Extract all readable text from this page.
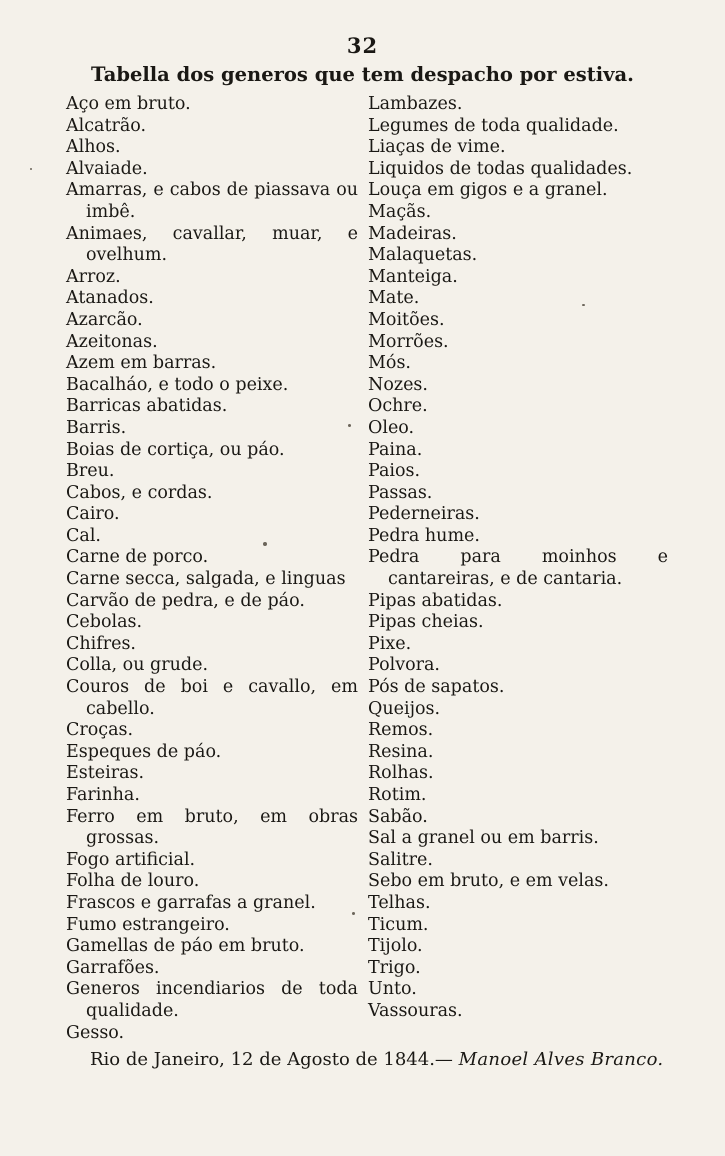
32
Tabella dos generos que tem despacho por estiva.
Aço em bruto.
Alcatrão.
Alhos.
Alvaiade.
Amarras, e cabos de piassava ou imbê.
Animaes, cavallar, muar, e ovelhum.
Arroz.
Atanados.
Azarcão.
Azeitonas.
Azem em barras.
Bacalháo, e todo o peixe.
Barricas abatidas.
Barris.
Boias de cortiça, ou páo.
Breu.
Cabos, e cordas.
Cairo.
Cal.
Carne de porco.
Carne secca, salgada, e linguas
Carvão de pedra, e de páo.
Cebolas.
Chifres.
Colla, ou grude.
Couros de boi e cavallo, em cabello.
Croças.
Espeques de páo.
Esteiras.
Farinha.
Ferro em bruto, em obras grossas.
Fogo artificial.
Folha de louro.
Frascos e garrafas a granel.
Fumo estrangeiro.
Gamellas de páo em bruto.
Garrafões.
Generos incendiarios de toda qualidade.
Gesso.
Lambazes.
Legumes de toda qualidade.
Liaças de vime.
Liquidos de todas qualidades.
Louça em gigos e a granel.
Maçãs.
Madeiras.
Malaquetas.
Manteiga.
Mate.
Moitões.
Morrões.
Mós.
Nozes.
Ochre.
Oleo.
Paina.
Paios.
Passas.
Pederneiras.
Pedra hume.
Pedra para moinhos e cantareiras, e de cantaria.
Pipas abatidas.
Pipas cheias.
Pixe.
Polvora.
Pós de sapatos.
Queijos.
Remos.
Resina.
Rolhas.
Rotim.
Sabão.
Sal a granel ou em barris.
Salitre.
Sebo em bruto, e em velas.
Telhas.
Ticum.
Tijolo.
Trigo.
Unto.
Vassouras.
Rio de Janeiro, 12 de Agosto de 1844.— Manoel Alves Branco.
